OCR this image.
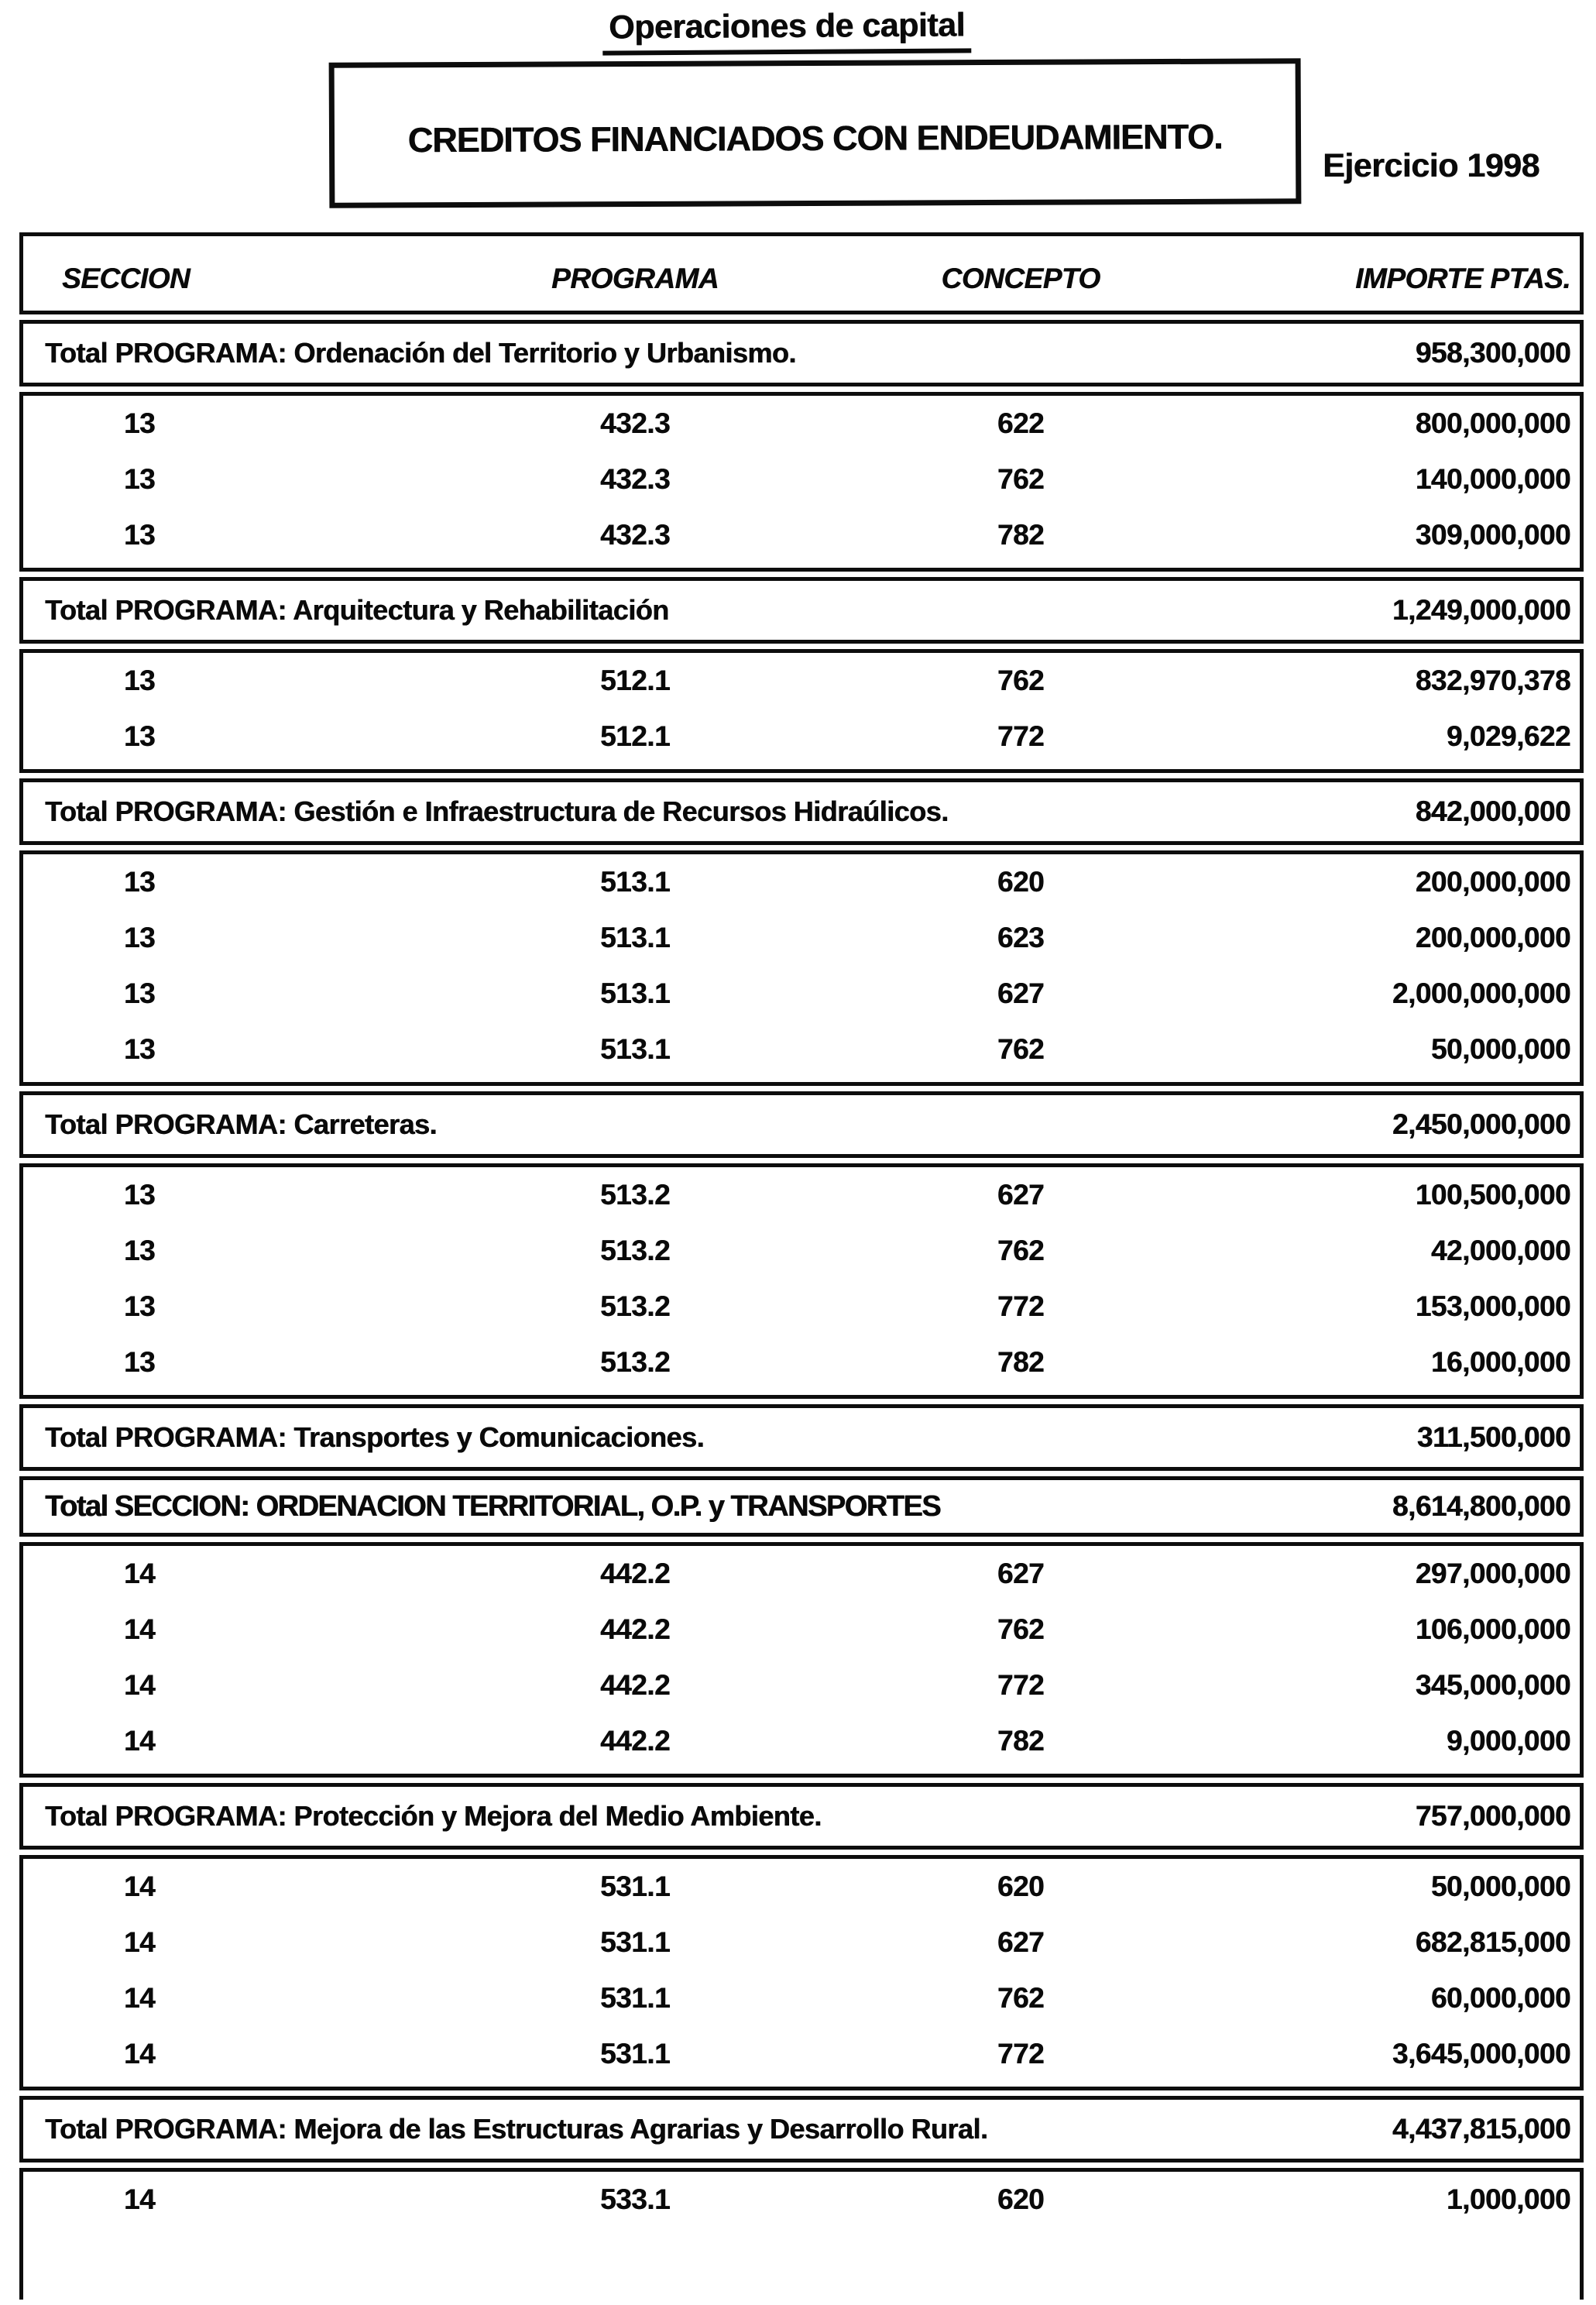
Operaciones de capital
CREDITOS FINANCIADOS CON ENDEUDAMIENTO.
Ejercicio 1998
SECCION	PROGRAMA	CONCEPTO	IMPORTE PTAS.
Total PROGRAMA: Ordenación del Territorio y Urbanismo.	958,300,000
13	432.3	622	800,000,000
13	432.3	762	140,000,000
13	432.3	782	309,000,000
Total PROGRAMA: Arquitectura y Rehabilitación	1,249,000,000
13	512.1	762	832,970,378
13	512.1	772	9,029,622
Total PROGRAMA: Gestión e Infraestructura de Recursos Hidraúlicos.	842,000,000
13	513.1	620	200,000,000
13	513.1	623	200,000,000
13	513.1	627	2,000,000,000
13	513.1	762	50,000,000
Total PROGRAMA: Carreteras.	2,450,000,000
13	513.2	627	100,500,000
13	513.2	762	42,000,000
13	513.2	772	153,000,000
13	513.2	782	16,000,000
Total PROGRAMA: Transportes y Comunicaciones.	311,500,000
Total SECCION: ORDENACION TERRITORIAL, O.P. y TRANSPORTES	8,614,800,000
14	442.2	627	297,000,000
14	442.2	762	106,000,000
14	442.2	772	345,000,000
14	442.2	782	9,000,000
Total PROGRAMA: Protección y Mejora del Medio Ambiente.	757,000,000
14	531.1	620	50,000,000
14	531.1	627	682,815,000
14	531.1	762	60,000,000
14	531.1	772	3,645,000,000
Total PROGRAMA: Mejora de las Estructuras Agrarias y Desarrollo Rural.	4,437,815,000
14	533.1	620	1,000,000
